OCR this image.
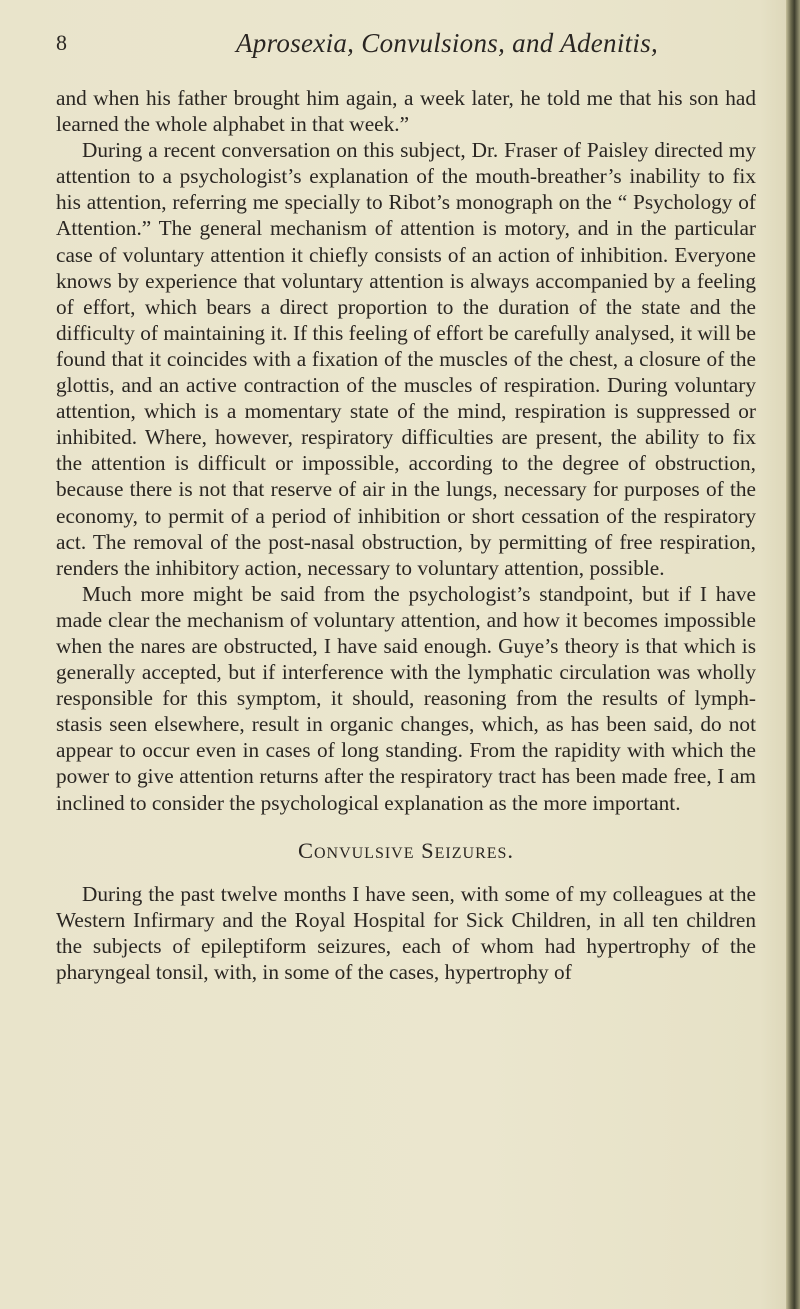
8	Aprosexia, Convulsions, and Adenitis,

and when his father brought him again, a week later, he told me that his son had learned the whole alphabet in that week.”

During a recent conversation on this subject, Dr. Fraser of Paisley directed my attention to a psychologist’s explanation of the mouth-breather’s inability to fix his attention, referring me specially to Ribot’s monograph on the “ Psychology of Attention.” The general mechanism of attention is motory, and in the particular case of voluntary attention it chiefly consists of an action of inhibition. Everyone knows by experience that voluntary attention is always accompanied by a feeling of effort, which bears a direct proportion to the duration of the state and the difficulty of maintaining it. If this feeling of effort be carefully analysed, it will be found that it coincides with a fixation of the muscles of the chest, a closure of the glottis, and an active contraction of the muscles of respiration. During voluntary attention, which is a momentary state of the mind, respiration is suppressed or inhibited. Where, however, respiratory difficulties are present, the ability to fix the attention is difficult or impossible, according to the degree of obstruction, because there is not that reserve of air in the lungs, necessary for purposes of the economy, to permit of a period of inhibition or short cessation of the respiratory act. The removal of the post-nasal obstruction, by permitting of free respiration, renders the inhibitory action, necessary to voluntary attention, possible.

Much more might be said from the psychologist’s standpoint, but if I have made clear the mechanism of voluntary attention, and how it becomes impossible when the nares are obstructed, I have said enough. Guye’s theory is that which is generally accepted, but if interference with the lymphatic circulation was wholly responsible for this symptom, it should, reasoning from the results of lymph-stasis seen elsewhere, result in organic changes, which, as has been said, do not appear to occur even in cases of long standing. From the rapidity with which the power to give attention returns after the respiratory tract has been made free, I am inclined to consider the psychological explanation as the more important.

Convulsive Seizures.

During the past twelve months I have seen, with some of my colleagues at the Western Infirmary and the Royal Hospital for Sick Children, in all ten children the subjects of epileptiform seizures, each of whom had hypertrophy of the pharyngeal tonsil, with, in some of the cases, hypertrophy of
